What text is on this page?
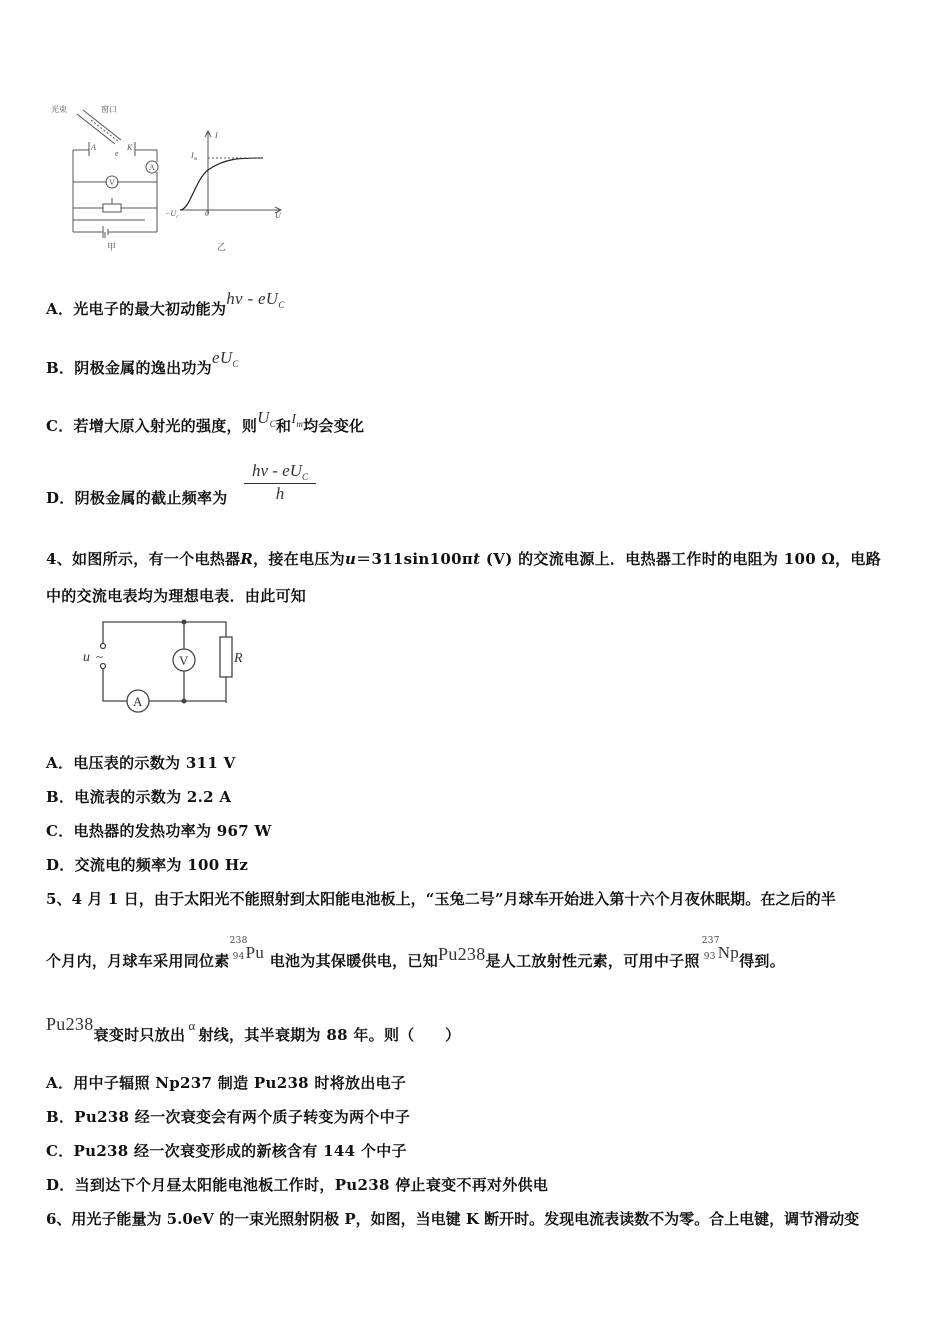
光束	窗口
A	K
e
A
V
I
$I_m$
$-U_c$	0	U
甲	乙
A．光电子的最大初动能为hν - $eU_C$
B．阴极金属的逸出功为$eU_C$
C．若增大原入射光的强度，则$U_C$和$I_m$均会变化
D．阴极金属的截止频率为
hν - $eU_C$
h
4、如图所示，有一个电热器R，接在电压为u＝311sin100πt (V) 的交流电源上．电热器工作时的电阻为 100 Ω，电路
中的交流电表均为理想电表．由此可知
u ~	V	R
A
A．电压表的示数为 311 V
B．电流表的示数为 2.2 A
C．电热器的发热功率为 967 W
D．交流电的频率为 100 Hz
5、4 月 1 日，由于太阳光不能照射到太阳能电池板上，“玉兔二号”月球车开始进入第十六个月夜休眠期。在之后的半
个月内，月球车采用同位素
238
94 Pu 电池为其保暖供电，已知Pu238是人工放射性元素，可用中子照
237
93 Np得到。
Pu238衰变时只放出α射线，其半衰期为 88 年。则（　　）
A．用中子辐照 Np237 制造 Pu238 时将放出电子
B．Pu238 经一次衰变会有两个质子转变为两个中子
C．Pu238 经一次衰变形成的新核含有 144 个中子
D．当到达下个月昼太阳能电池板工作时，Pu238 停止衰变不再对外供电
6、用光子能量为 5.0eV 的一束光照射阴极 P，如图，当电键 K 断开时。发现电流表读数不为零。合上电键，调节滑动变
